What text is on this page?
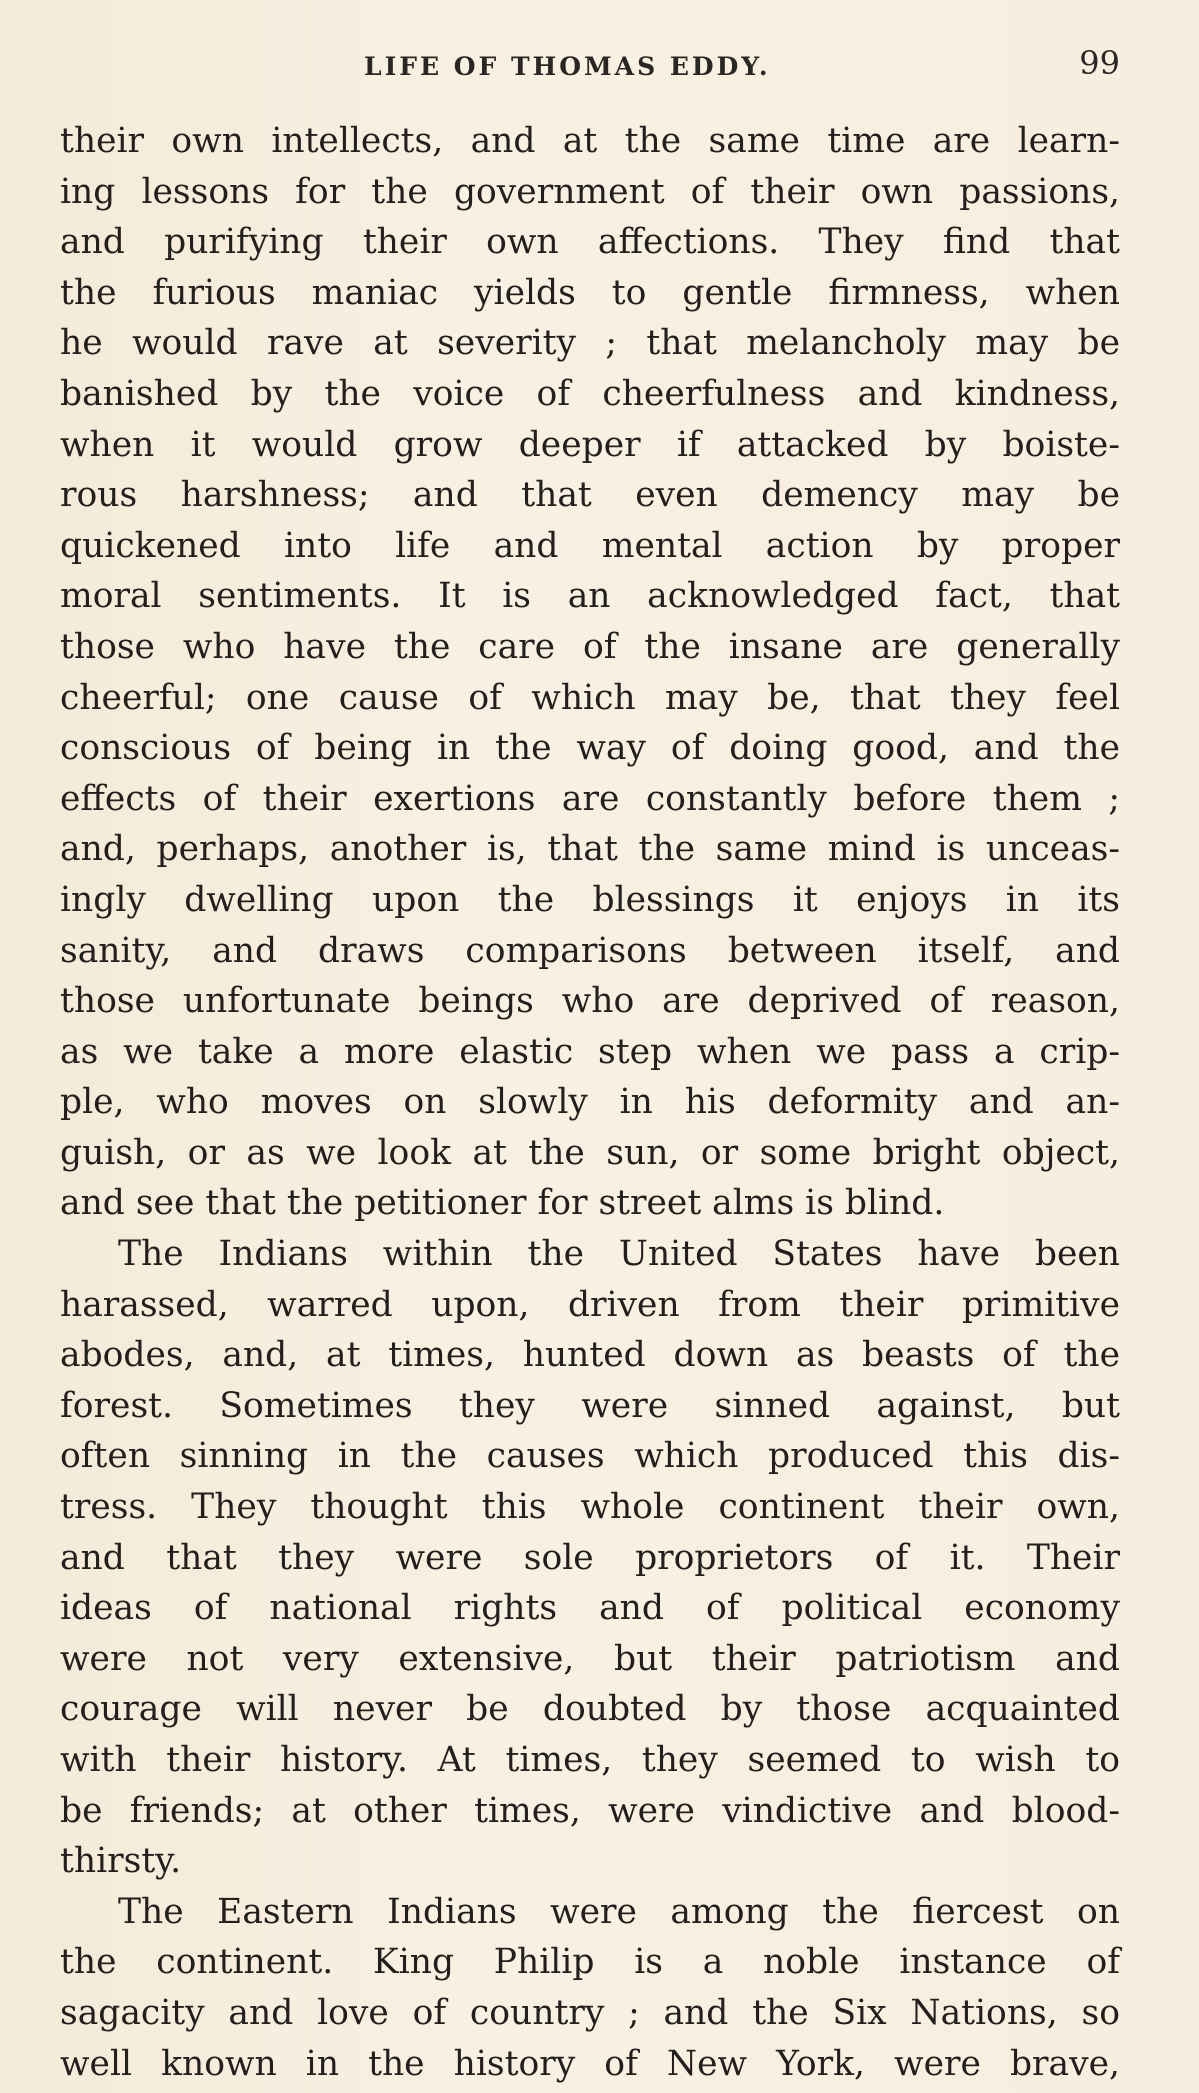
LIFE OF THOMAS EDDY.	99
their own intellects, and at the same time are learn-
ing lessons for the government of their own passions,
and purifying their own affections. They find that
the furious maniac yields to gentle firmness, when
he would rave at severity ; that melancholy may be
banished by the voice of cheerfulness and kindness,
when it would grow deeper if attacked by boiste-
rous harshness; and that even demency may be
quickened into life and mental action by proper
moral sentiments. It is an acknowledged fact, that
those who have the care of the insane are generally
cheerful; one cause of which may be, that they feel
conscious of being in the way of doing good, and the
effects of their exertions are constantly before them ;
and, perhaps, another is, that the same mind is unceas-
ingly dwelling upon the blessings it enjoys in its
sanity, and draws comparisons between itself, and
those unfortunate beings who are deprived of reason,
as we take a more elastic step when we pass a crip-
ple, who moves on slowly in his deformity and an-
guish, or as we look at the sun, or some bright object,
and see that the petitioner for street alms is blind.
The Indians within the United States have been
harassed, warred upon, driven from their primitive
abodes, and, at times, hunted down as beasts of the
forest. Sometimes they were sinned against, but
often sinning in the causes which produced this dis-
tress. They thought this whole continent their own,
and that they were sole proprietors of it. Their
ideas of national rights and of political economy
were not very extensive, but their patriotism and
courage will never be doubted by those acquainted
with their history. At times, they seemed to wish to
be friends; at other times, were vindictive and blood-
thirsty.
The Eastern Indians were among the fiercest on
the continent. King Philip is a noble instance of
sagacity and love of country ; and the Six Nations, so
well known in the history of New York, were brave,
